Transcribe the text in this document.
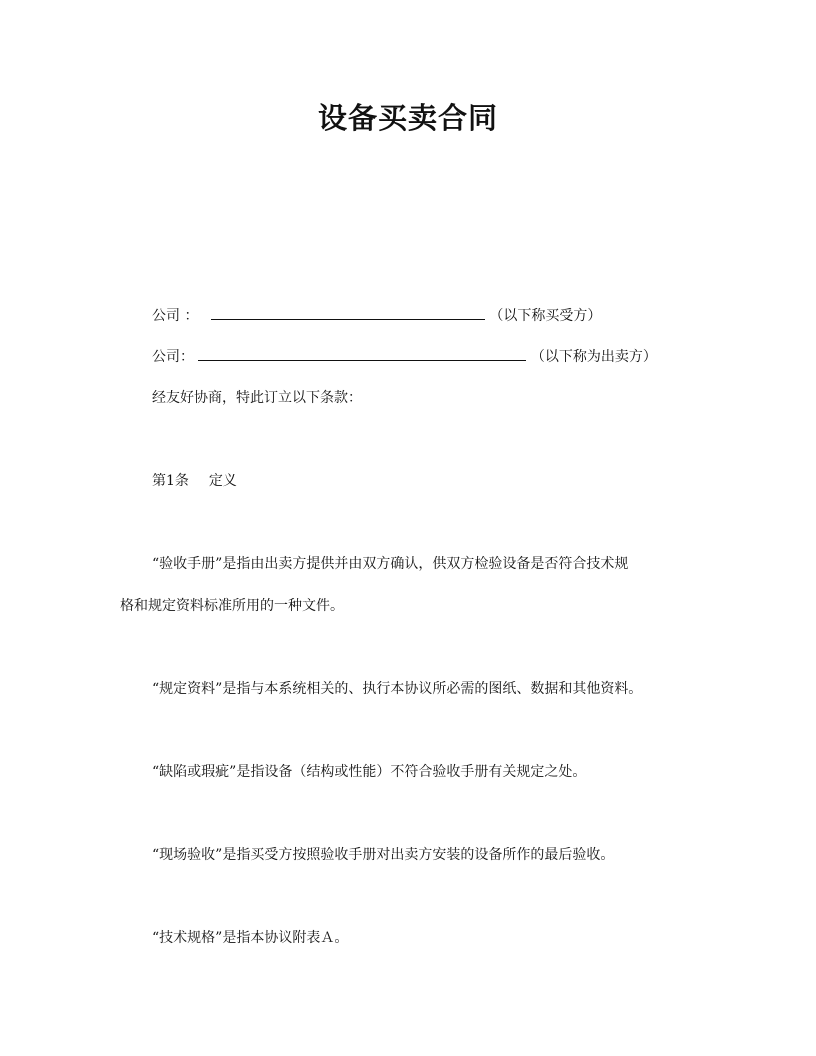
设备买卖合同
公司 ：	（以下称买受方）
公司：	（以下称为出卖方）
经友好协商，特此订立以下条款：
第1条 定义
“验收手册”是指由出卖方提供并由双方确认，供双方检验设备是否符合技术规
格和规定资料标准所用的一种文件。
“规定资料”是指与本系统相关的、执行本协议所必需的图纸、数据和其他资料。
“缺陷或瑕疵”是指设备（结构或性能）不符合验收手册有关规定之处。
“现场验收”是指买受方按照验收手册对出卖方安装的设备所作的最后验收。
“技术规格”是指本协议附表Ａ。
